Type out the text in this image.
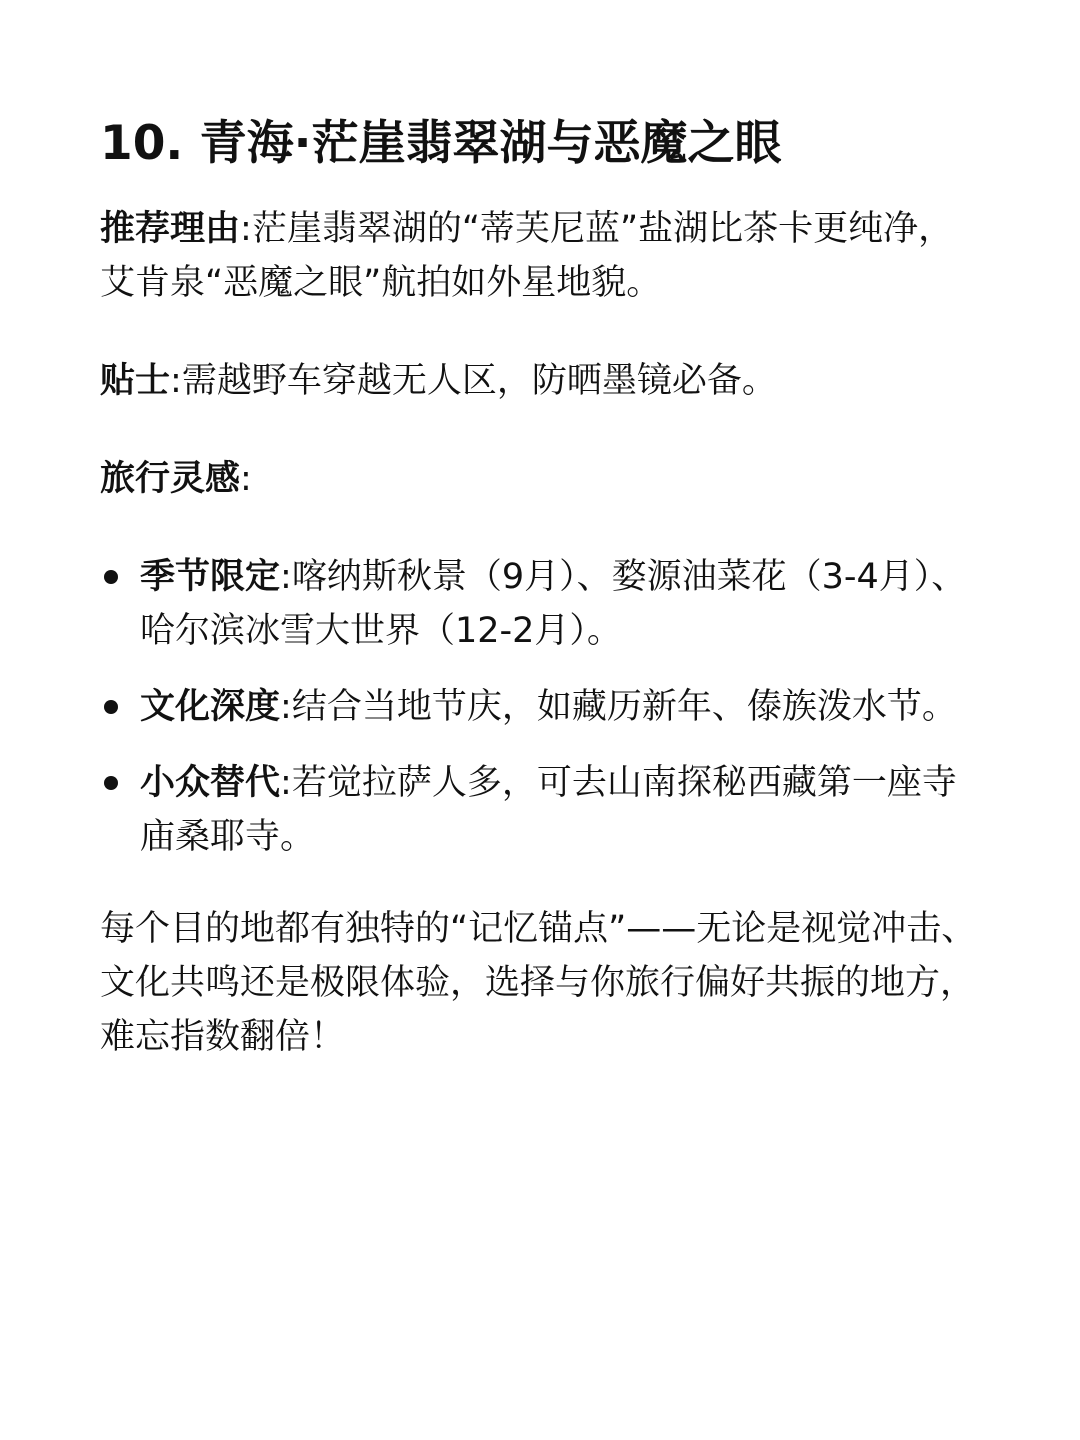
10. 青海·茫崖翡翠湖与恶魔之眼

推荐理由:茫崖翡翠湖的“蒂芙尼蓝”盐湖比茶卡更纯净，艾肯泉“恶魔之眼”航拍如外星地貌。

贴士:需越野车穿越无人区，防晒墨镜必备。

旅行灵感:

季节限定:喀纳斯秋景（9月）、婺源油菜花（3-4月）、哈尔滨冰雪大世界（12-2月）。
文化深度:结合当地节庆，如藏历新年、傣族泼水节。
小众替代:若觉拉萨人多，可去山南探秘西藏第一座寺庙桑耶寺。

每个目的地都有独特的“记忆锚点”——无论是视觉冲击、文化共鸣还是极限体验，选择与你旅行偏好共振的地方，难忘指数翻倍！
